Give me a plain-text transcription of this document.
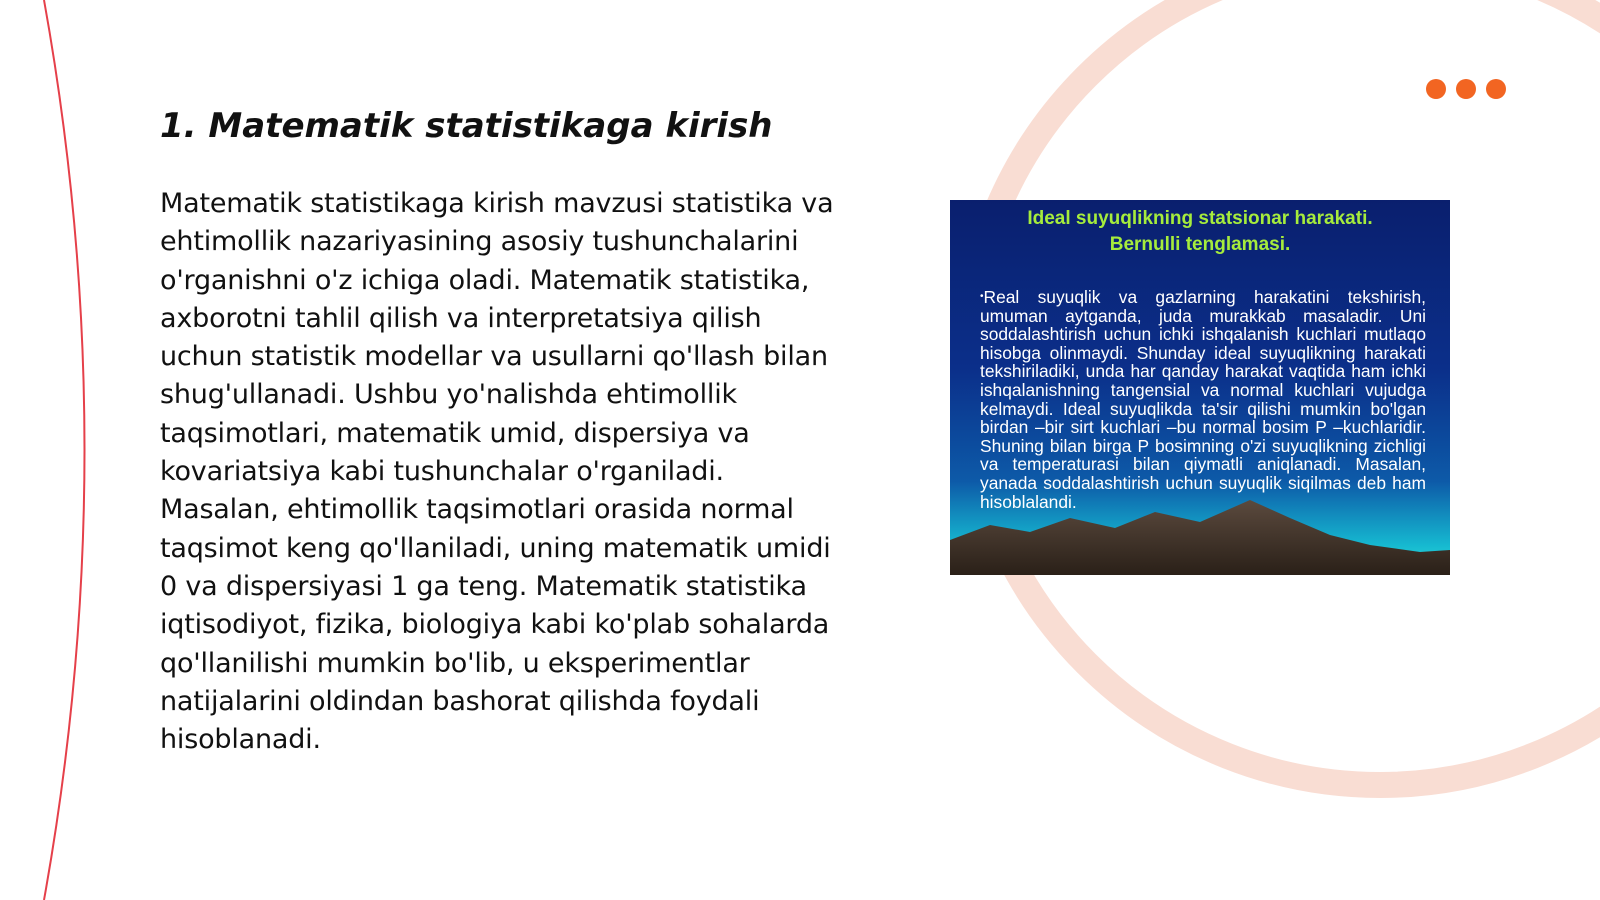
1. Matematik statistikaga kirish

Matematik statistikaga kirish mavzusi statistika va ehtimollik nazariyasining asosiy tushunchalarini o'rganishni o'z ichiga oladi. Matematik statistika, axborotni tahlil qilish va interpretatsiya qilish uchun statistik modellar va usullarni qo'llash bilan shug'ullanadi. Ushbu yo'nalishda ehtimollik taqsimotlari, matematik umid, dispersiya va kovariatsiya kabi tushunchalar o'rganiladi. Masalan, ehtimollik taqsimotlari orasida normal taqsimot keng qo'llaniladi, uning matematik umidi 0 va dispersiyasi 1 ga teng. Matematik statistika iqtisodiyot, fizika, biologiya kabi ko'plab sohalarda qo'llanilishi mumkin bo'lib, u eksperimentlar natijalarini oldindan bashorat qilishda foydali hisoblanadi.

Ideal suyuqlikning statsionar harakati.
Bernulli tenglamasi.
•Real suyuqlik va gazlarning harakatini tekshirish, umuman aytganda, juda murakkab masaladir. Uni soddalashtirish uchun ichki ishqalanish kuchlari mutlaqo hisobga olinmaydi. Shunday ideal suyuqlikning harakati tekshiriladiki, unda har qanday harakat vaqtida ham ichki ishqalanishning tangensial va normal kuchlari vujudga kelmaydi. Ideal suyuqlikda ta'sir qilishi mumkin bo'lgan birdan –bir sirt kuchlari –bu normal bosim P –kuchlaridir. Shuning bilan birga P bosimning o'zi suyuqlikning zichligi va temperaturasi bilan qiymatli aniqlanadi. Masalan, yanada soddalashtirish uchun suyuqlik siqilmas deb ham hisoblalandi.
